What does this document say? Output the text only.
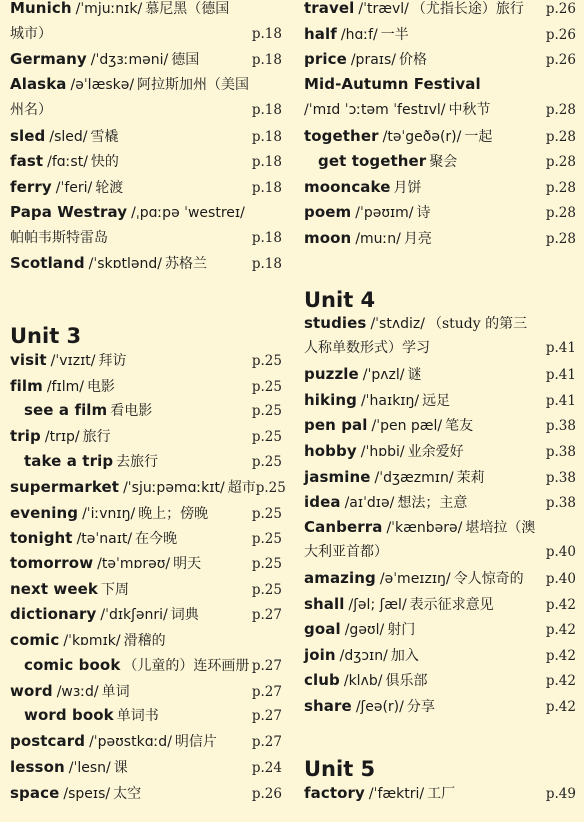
Munich /ˈmjuːnɪk/ 慕尼黑（德国
城市）	p.18
Germany /ˈdʒɜːməni/ 德国	p.18
Alaska /əˈlæskə/ 阿拉斯加州（美国
州名）	p.18
sled /sled/ 雪橇	p.18
fast /fɑːst/ 快的	p.18
ferry /ˈferi/ 轮渡	p.18
Papa Westray /ˌpɑːpə ˈwestreɪ/
帕帕韦斯特雷岛	p.18
Scotland /ˈskɒtlənd/ 苏格兰	p.18
Unit 3
visit /ˈvɪzɪt/ 拜访	p.25
film /fɪlm/ 电影	p.25
see a film 看电影	p.25
trip /trɪp/ 旅行	p.25
take a trip 去旅行	p.25
supermarket /ˈsjuːpəmɑːkɪt/ 超市 p.25
evening /ˈiːvnɪŋ/ 晚上；傍晚	p.25
tonight /təˈnaɪt/ 在今晚	p.25
tomorrow /təˈmɒrəʊ/ 明天	p.25
next week 下周	p.25
dictionary /ˈdɪkʃənri/ 词典	p.27
comic /ˈkɒmɪk/ 滑稽的
comic book （儿童的）连环画册 p.27
word /wɜːd/ 单词	p.27
word book 单词书	p.27
postcard /ˈpəʊstkɑːd/ 明信片	p.27
lesson /ˈlesn/ 课	p.24
space /speɪs/ 太空	p.26
travel /ˈtrævl/ （尤指长途）旅行 p.26
half /hɑːf/ 一半	p.26
price /praɪs/ 价格	p.26
Mid-Autumn Festival
/ˈmɪd ˈɔːtəm ˈfestɪvl/ 中秋节	p.28
together /təˈgeðə(r)/ 一起	p.28
get together 聚会	p.28
mooncake 月饼	p.28
poem /ˈpəʊɪm/ 诗	p.28
moon /muːn/ 月亮	p.28
Unit 4
studies /ˈstʌdiz/ （study 的第三
人称单数形式）学习	p.41
puzzle /ˈpʌzl/ 谜	p.41
hiking /ˈhaɪkɪŋ/ 远足	p.41
pen pal /ˈpen pæl/ 笔友	p.38
hobby /ˈhɒbi/ 业余爱好	p.38
jasmine /ˈdʒæzmɪn/ 茉莉	p.38
idea /aɪˈdɪə/ 想法；主意	p.38
Canberra /ˈkænbərə/ 堪培拉（澳
大利亚首都）	p.40
amazing /əˈmeɪzɪŋ/ 令人惊奇的 p.40
shall /ʃəl; ʃæl/ 表示征求意见	p.42
goal /gəʊl/ 射门	p.42
join /dʒɔɪn/ 加入	p.42
club /klʌb/ 俱乐部	p.42
share /ʃeə(r)/ 分享	p.42
Unit 5
factory /ˈfæktri/ 工厂	p.49
